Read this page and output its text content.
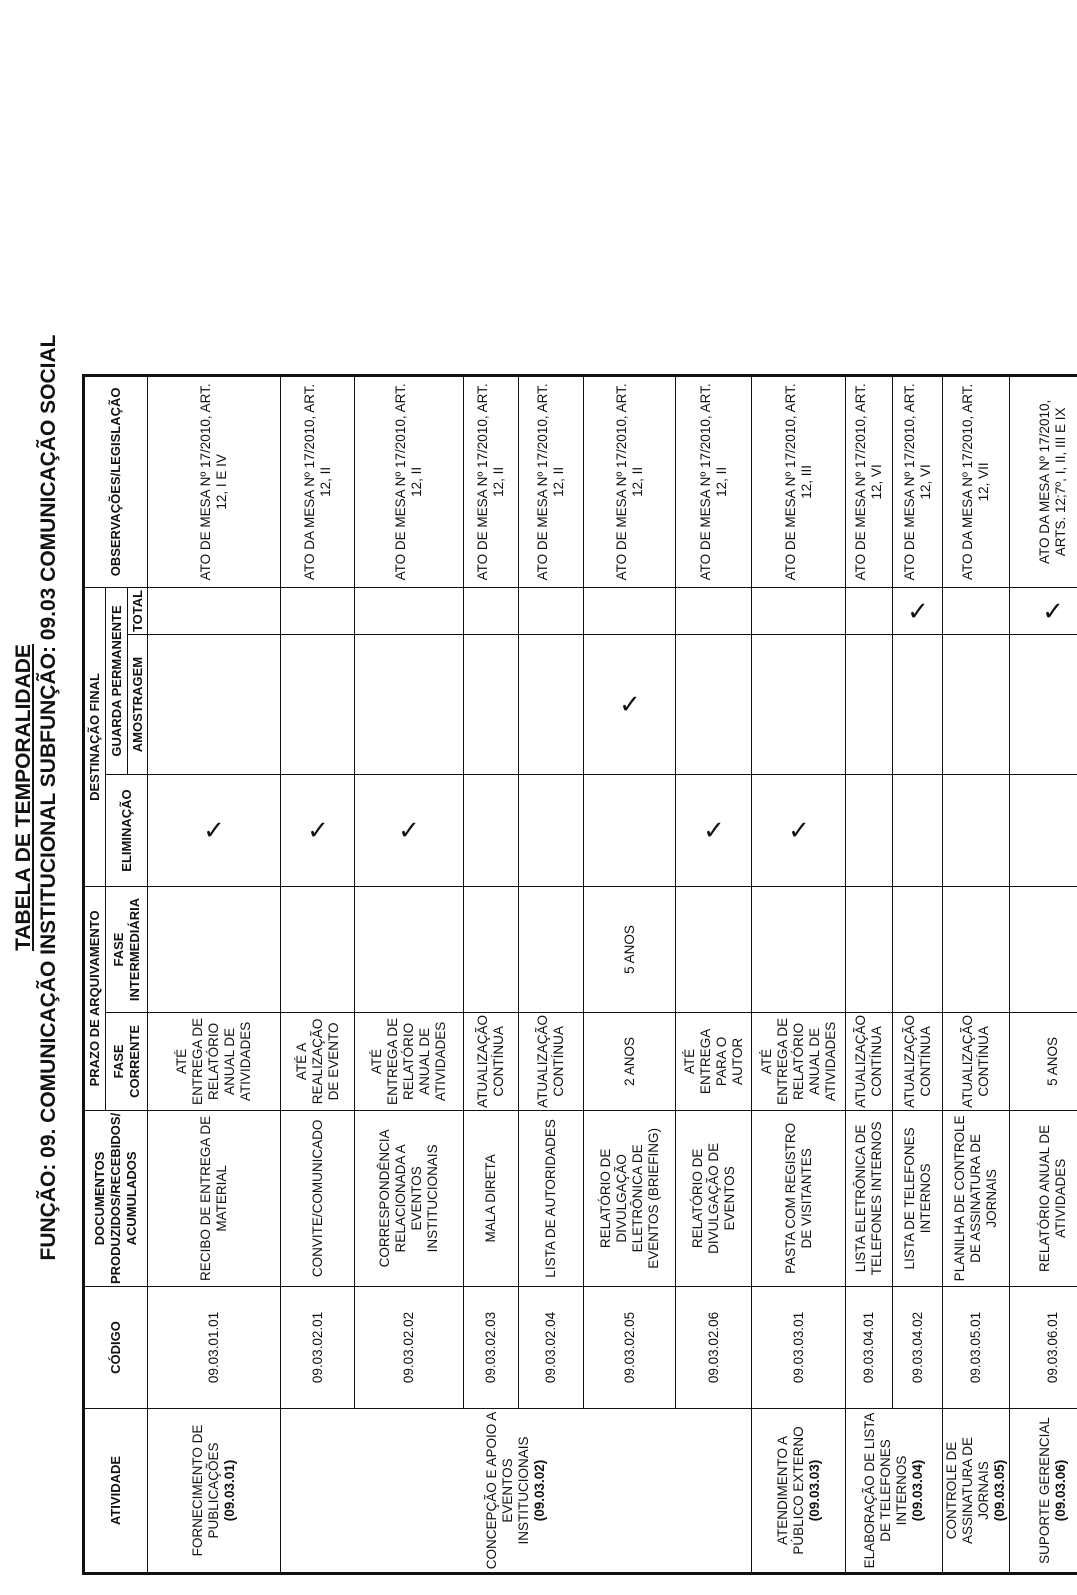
TABELA DE TEMPORALIDADE FUNÇÃO: 09. COMUNICAÇÃO INSTITUCIONAL SUBFUNÇÃO: 09.03 COMUNICAÇÃO SOCIAL
ATIVIDADE	CÓDIGO	DOCUMENTOS PRODUZIDOS/RECEBIDOS/ ACUMULADOS	PRAZO DE ARQUIVAMENTO		DESTINAÇÃO FINAL			OBSERVAÇÕES/LEGISLAÇÃO
			FASE CORRENTE	FASE INTERMEDIÁRIA	ELIMINAÇÃO	GUARDA PERMANENTE		
						AMOSTRAGEM	TOTAL	

FORNECIMENTO DE PUBLICAÇÕES (09.03.01)	09.03.01.01	RECIBO DE ENTREGA DE MATERIAL	ATÉ ENTREGA DE RELATÓRIO ANUAL DE ATIVIDADES		✓			ATO DE MESA Nº 17/2010, ART. 12, I E IV

CONCEPÇÃO E APOIO A EVENTOS INSTITUCIONAIS (09.03.02)	09.03.02.01	CONVITE/COMUNICADO	ATÉ A REALIZAÇÃO DE EVENTO		✓			ATO DA MESA Nº 17/2010, ART. 12, II
	09.03.02.02	CORRESPONDÊNCIA RELACIONADA A EVENTOS INSTITUCIONAIS	ATÉ ENTREGA DE RELATÓRIO ANUAL DE ATIVIDADES		✓			ATO DE MESA Nº 17/2010, ART. 12, II
	09.03.02.03	MALA DIRETA	ATUALIZAÇÃO CONTÍNUA					ATO DE MESA Nº 17/2010, ART. 12, II
	09.03.02.04	LISTA DE AUTORIDADES	ATUALIZAÇÃO CONTÍNUA					ATO DE MESA Nº 17/2010, ART. 12, II
	09.03.02.05	RELATÓRIO DE DIVULGAÇÃO ELETRÔNICA DE EVENTOS (BRIEFING)	2 ANOS	5 ANOS		✓		ATO DE MESA Nº 17/2010, ART. 12, II
	09.03.02.06	RELATÓRIO DE DIVULGAÇÃO DE EVENTOS	ATÉ ENTREGA PARA O AUTOR		✓			ATO DE MESA Nº 17/2010, ART. 12, II

ATENDIMENTO A PÚBLICO EXTERNO (09.03.03)	09.03.03.01	PASTA COM REGISTRO DE VISITANTES	ATÉ ENTREGA DE RELATÓRIO ANUAL DE ATIVIDADES		✓			ATO DE MESA Nº 17/2010, ART. 12, III

ELABORAÇÃO DE LISTA DE TELEFONES INTERNOS (09.03.04)	09.03.04.01	LISTA ELETRÔNICA DE TELEFONES INTERNOS	ATUALIZAÇÃO CONTÍNUA					ATO DE MESA Nº 17/2010, ART. 12, VI
	09.03.04.02	LISTA DE TELEFONES INTERNOS	ATUALIZAÇÃO CONTÍNUA				✓	ATO DE MESA Nº 17/2010, ART. 12, VI

CONTROLE DE ASSINATURA DE JORNAIS (09.03.05)	09.03.05.01	PLANILHA DE CONTROLE DE ASSINATURA DE JORNAIS	ATUALIZAÇÃO CONTÍNUA					ATO DA MESA Nº 17/2010, ART. 12, VII

SUPORTE GERENCIAL (09.03.06)	09.03.06.01	RELATÓRIO ANUAL DE ATIVIDADES	5 ANOS				✓	ATO DA MESA Nº 17/2010, ARTS. 12;7º, I, II, III E IX
